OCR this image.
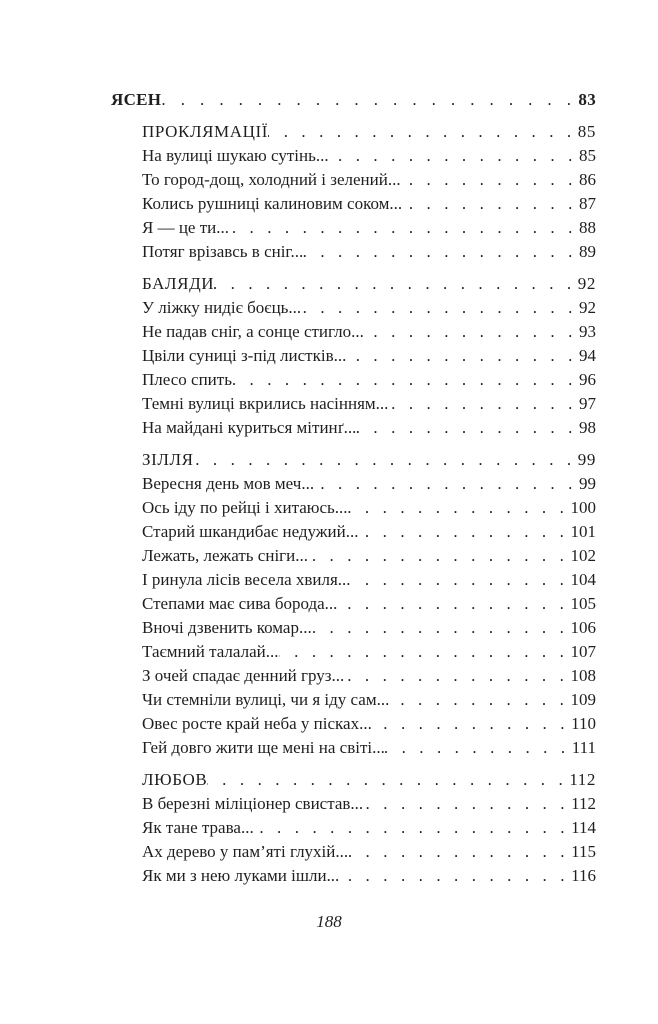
ЯСЕН . . .	83
ПРОКЛЯМАЦІЇ . . .	85
На вулиці шукаю сутінь... . . .	85
То город-дощ, холодний і зелений... . . .	86
Колись рушниці калиновим соком... . . .	87
Я — це ти... . . .	88
Потяг врізавсь в сніг... . . .	89
БАЛЯДИ . . .	92
У ліжку нидіє боєць... . . .	92
Не падав сніг, а сонце стигло... . . .	93
Цвіли суниці з-під листків... . . .	94
Плесо спить . . .	96
Темні вулиці вкрились насінням... . . .	97
На майдані куриться мітинґ... . . .	98
ЗІЛЛЯ . . .	99
Вересня день мов меч... . . .	99
Ось іду по рейці і хитаюсь... . . .	100
Старий шкандибає недужий... . . .	101
Лежать, лежать сніги... . . .	102
І ринула лісів весела хвиля... . . .	104
Степами має сива борода... . . .	105
Вночі дзвенить комар... . . .	106
Таємний талалай... . . .	107
З очей спадає денний груз... . . .	108
Чи стемніли вулиці, чи я іду сам... . . .	109
Овес росте край неба у пісках... . . .	110
Гей довго жити ще мені на світі... . . .	111
ЛЮБОВ . . .	112
В березні міліціонер свистав... . . .	112
Як тане трава... . . .	114
Ах дерево у пам’яті глухій... . . .	115
Як ми з нею луками ішли... . . .	116
188
